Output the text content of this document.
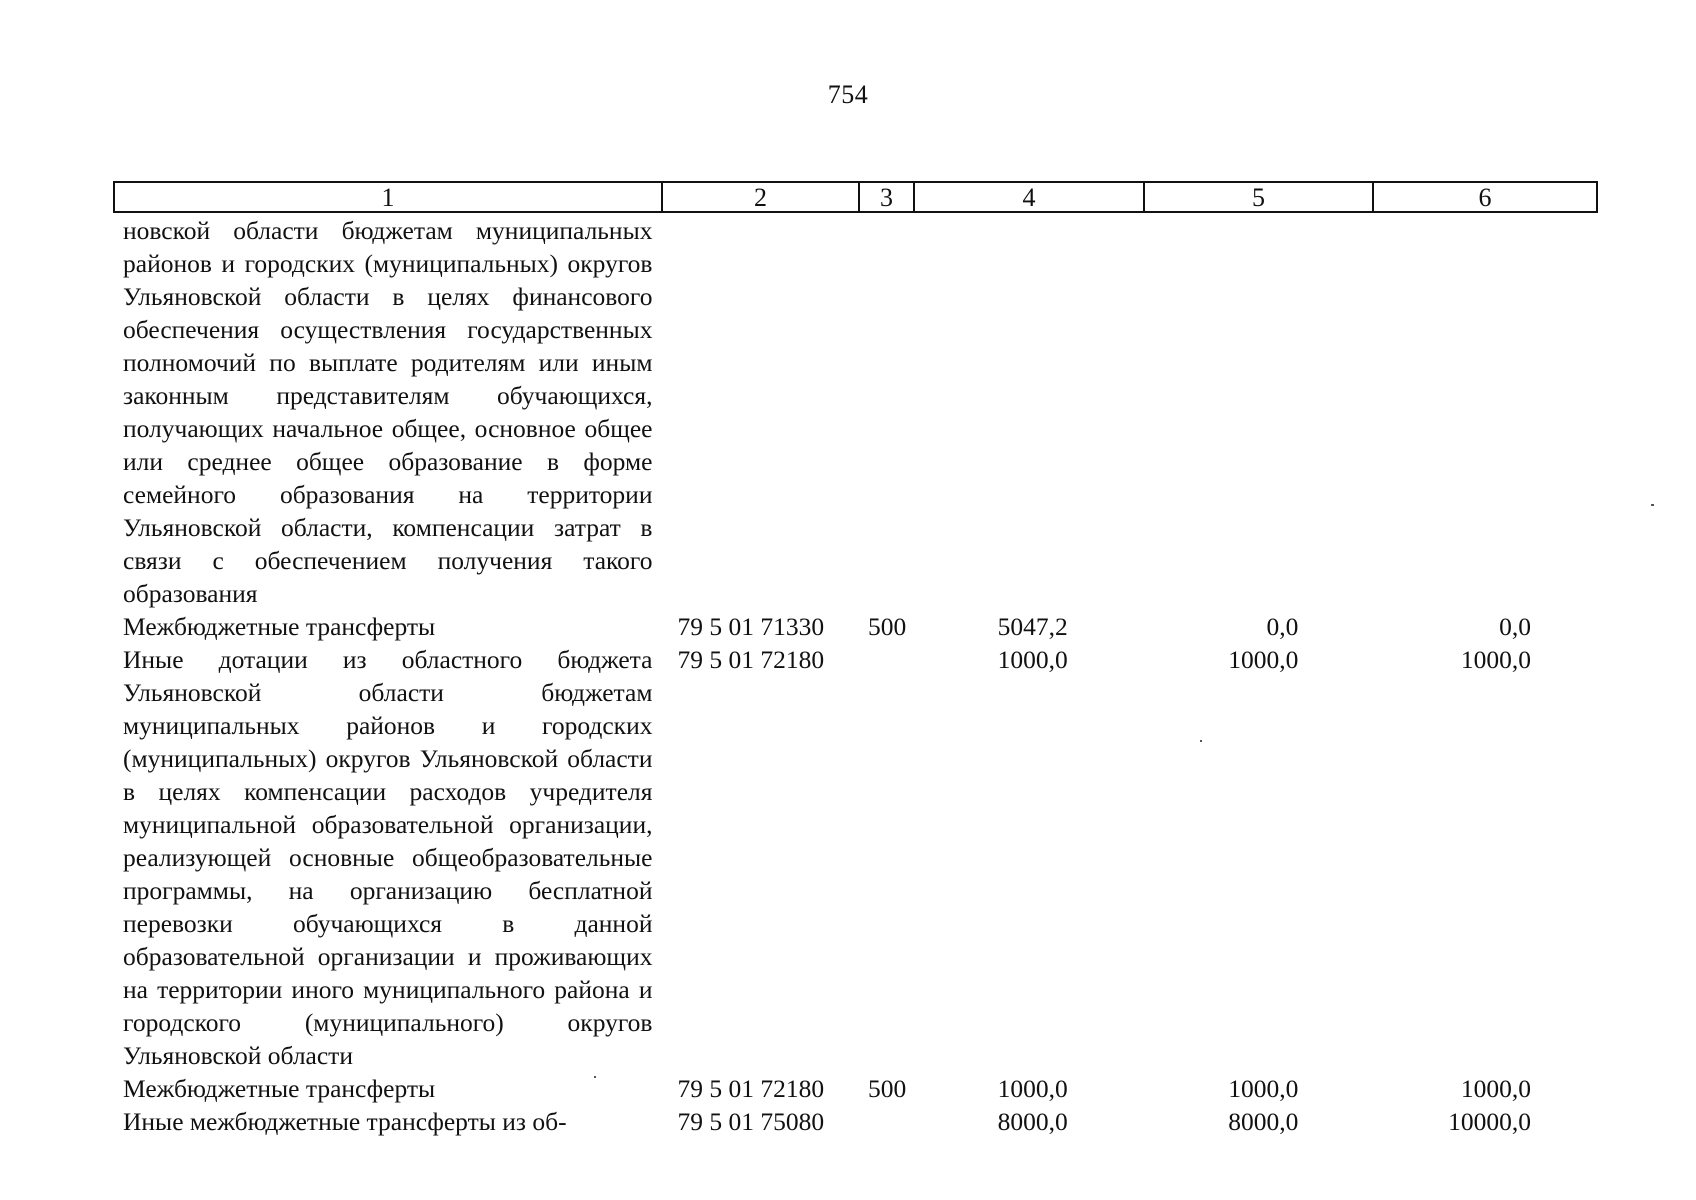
754
1	2	3	4	5	6
новской области бюджетам муниципальных районов и городских (муниципальных) округов Ульяновской области в целях финансового обеспечения осуществления государственных полномочий по выплате родителям или иным законным представителям обучающихся, получающих начальное общее, основное общее или среднее общее образование в форме семейного образования на территории Ульяновской области, компенсации затрат в связи с обеспечением получения такого образования					
Межбюджетные трансферты	79 5 01 71330	500	5047,2	0,0	0,0
Иные дотации из областного бюджета Ульяновской области бюджетам муниципальных районов и городских (муниципальных) округов Ульяновской области в целях компенсации расходов учредителя муниципальной образовательной организации, реализующей основные общеобразовательные программы, на организацию бесплатной перевозки обучающихся в данной образовательной организации и проживающих на территории иного муниципального района и городского (муниципального) округов Ульяновской области	79 5 01 72180		1000,0	1000,0	1000,0
Межбюджетные трансферты	79 5 01 72180	500	1000,0	1000,0	1000,0
Иные межбюджетные трансферты из об-	79 5 01 75080		8000,0	8000,0	10000,0
